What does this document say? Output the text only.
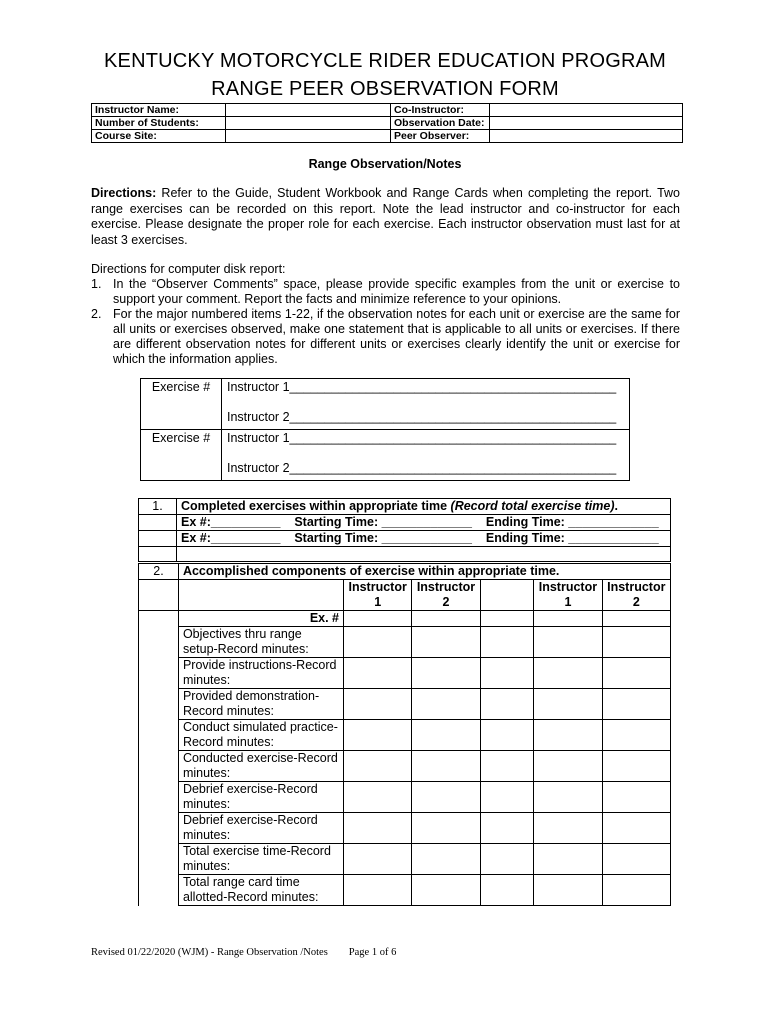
KENTUCKY MOTORCYCLE RIDER EDUCATION PROGRAM
RANGE PEER OBSERVATION FORM
Instructor Name:		Co-Instructor:	
Number of Students:		Observation Date:	
Course Site:		Peer Observer:	
Range Observation/Notes
Directions: Refer to the Guide, Student Workbook and Range Cards when completing the report. Two range exercises can be recorded on this report. Note the lead instructor and co-instructor for each exercise. Please designate the proper role for each exercise. Each instructor observation must last for at least 3 exercises.
Directions for computer disk report:
1. In the “Observer Comments” space, please provide specific examples from the unit or exercise to support your comment. Report the facts and minimize reference to your opinions.
2. For the major numbered items 1-22, if the observation notes for each unit or exercise are the same for all units or exercises observed, make one statement that is applicable to all units or exercises. If there are different observation notes for different units or exercises clearly identify the unit or exercise for which the information applies.
Exercise #	Instructor 1_______________________________________________
Instructor 2_______________________________________________

Exercise #	Instructor 1_______________________________________________
Instructor 2_______________________________________________
1.	Completed exercises within appropriate time (Record total exercise time).
	Ex #:__________ Starting Time: _____________ Ending Time: _____________
	Ex #:__________ Starting Time: _____________ Ending Time: _____________

2.	Accomplished components of exercise within appropriate time.					
		Instructor 1	Instructor 2		Instructor 1	Instructor 2
	Ex. #					
	Objectives thru range setup-Record minutes:					
	Provide instructions-Record minutes:					
	Provided demonstration-Record minutes:					
	Conduct simulated practice-Record minutes:					
	Conducted exercise-Record minutes:					
	Debrief exercise-Record minutes:					
	Debrief exercise-Record minutes:					
	Total exercise time-Record minutes:					
	Total range card time allotted-Record minutes:					
Revised 01/22/2020 (WJM) - Range Observation /Notes Page 1 of 6
